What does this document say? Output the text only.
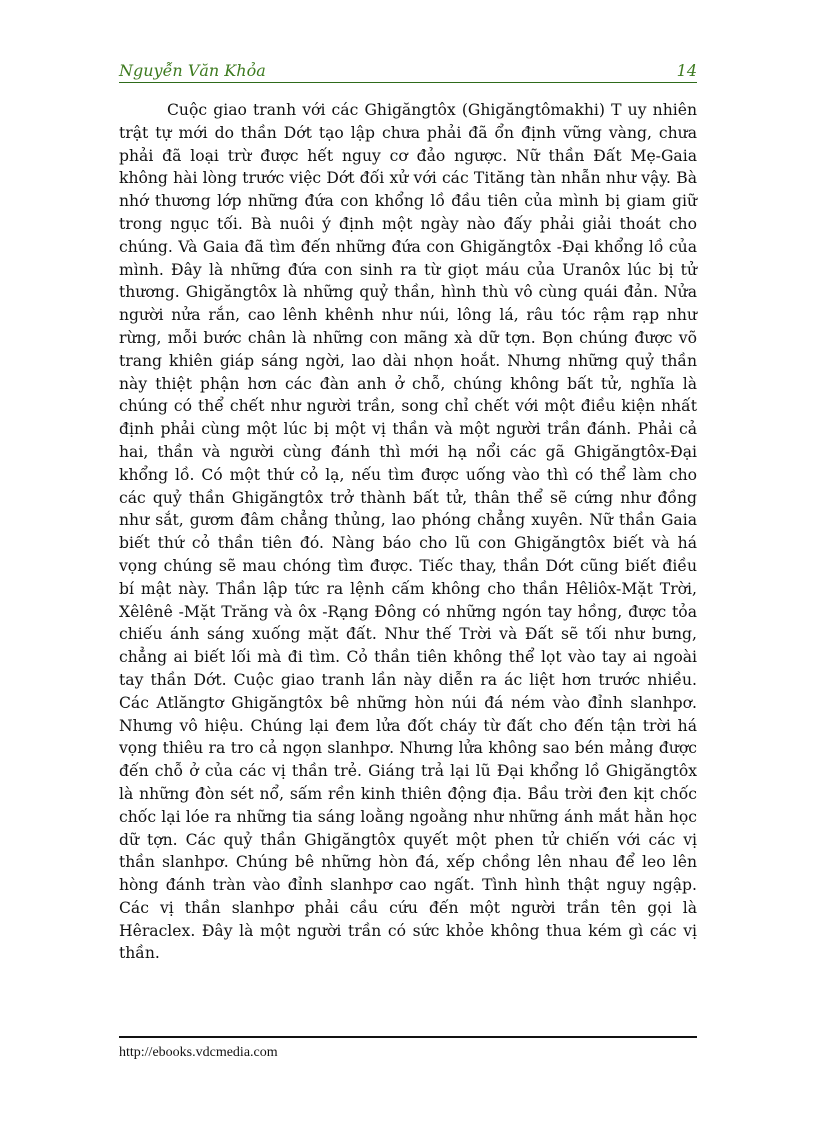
Nguyễn Văn Khỏa	14

Cuộc giao tranh với các Ghigăngtôx (Ghigăngtômakhi) T uy nhiên trật tự mới do thần Dớt tạo lập chưa phải đã ổn định vững vàng, chưa phải đã loại trừ được hết nguy cơ đảo ngược. Nữ thần Đất Mẹ-Gaia không hài lòng trước việc Dớt đối xử với các Tităng tàn nhẫn như vậy. Bà nhớ thương lớp những đứa con khổng lồ đầu tiên của mình bị giam giữ trong ngục tối. Bà nuôi ý định một ngày nào đấy phải giải thoát cho chúng. Và Gaia đã tìm đến những đứa con Ghigăngtôx -Đại khổng lồ của mình. Đây là những đứa con sinh ra từ giọt máu của Uranôx lúc bị tử thương. Ghigăngtôx là những quỷ thần, hình thù vô cùng quái đản. Nửa người nửa rắn, cao lênh khênh như núi, lông lá, râu tóc rậm rạp như rừng, mỗi bước chân là những con mãng xà dữ tợn. Bọn chúng được võ trang khiên giáp sáng ngời, lao dài nhọn hoắt. Nhưng những quỷ thần này thiệt phận hơn các đàn anh ở chỗ, chúng không bất tử, nghĩa là chúng có thể chết như người trần, song chỉ chết với một điều kiện nhất định phải cùng một lúc bị một vị thần và một người trần đánh. Phải cả hai, thần và người cùng đánh thì mới hạ nổi các gã Ghigăngtôx-Đại khổng lồ. Có một thứ cỏ lạ, nếu tìm được uống vào thì có thể làm cho các quỷ thần Ghigăngtôx trở thành bất tử, thân thể sẽ cứng như đồng như sắt, gươm đâm chẳng thủng, lao phóng chẳng xuyên. Nữ thần Gaia biết thứ cỏ thần tiên đó. Nàng báo cho lũ con Ghigăngtôx biết và há vọng chúng sẽ mau chóng tìm được. Tiếc thay, thần Dớt cũng biết điều bí mật này. Thần lập tức ra lệnh cấm không cho thần Hêliôx-Mặt Trời, Xêlênê -Mặt Trăng và ôx -Rạng Đông có những ngón tay hồng, được tỏa chiếu ánh sáng xuống mặt đất. Như thế Trời và Đất sẽ tối như bưng, chẳng ai biết lối mà đi tìm. Cỏ thần tiên không thể lọt vào tay ai ngoài tay thần Dớt. Cuộc giao tranh lần này diễn ra ác liệt hơn trước nhiều. Các Atlăngtơ Ghigăngtôx bê những hòn núi đá ném vào đỉnh slanhpơ. Nhưng vô hiệu. Chúng lại đem lửa đốt cháy từ đất cho đến tận trời há vọng thiêu ra tro cả ngọn slanhpơ. Nhưng lửa không sao bén mảng được đến chỗ ở của các vị thần trẻ. Giáng trả lại lũ Đại khổng lồ Ghigăngtôx là những đòn sét nổ, sấm rền kinh thiên động địa. Bầu trời đen kịt chốc chốc lại lóe ra những tia sáng loằng ngoằng như những ánh mắt hằn học dữ tợn. Các quỷ thần Ghigăngtôx quyết một phen tử chiến với các vị thần slanhpơ. Chúng bê những hòn đá, xếp chồng lên nhau để leo lên hòng đánh tràn vào đỉnh slanhpơ cao ngất. Tình hình thật nguy ngập. Các vị thần slanhpơ phải cầu cứu đến một người trần tên gọi là Hêraclex. Đây là một người trần có sức khỏe không thua kém gì các vị thần.

http://ebooks.vdcmedia.com
